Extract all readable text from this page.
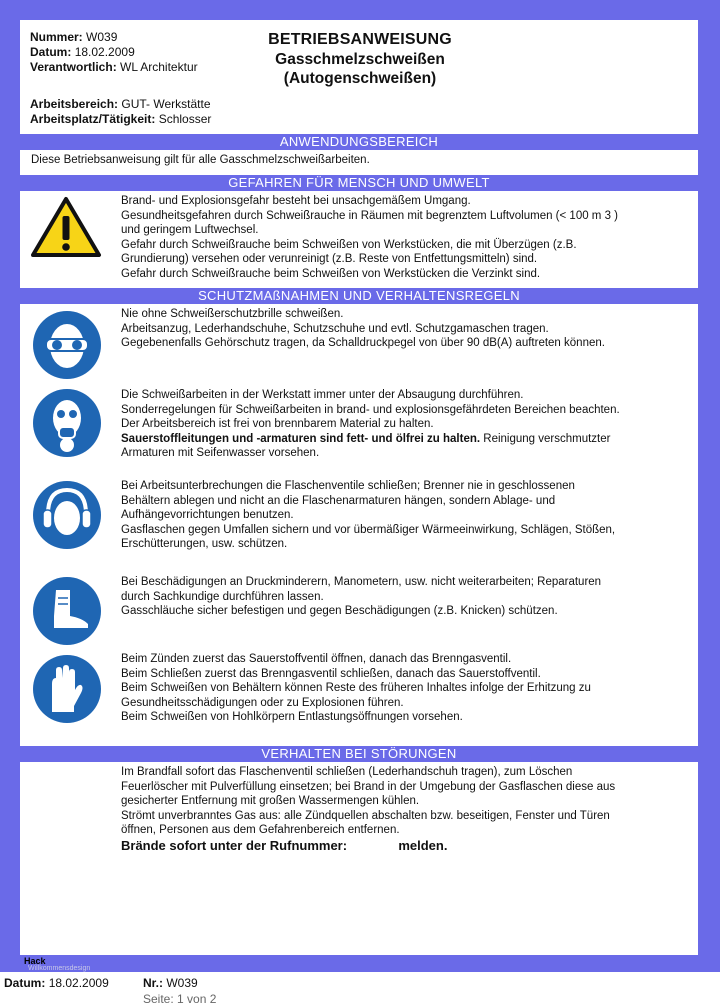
Nummer: W039
Datum: 18.02.2009
Verantwortlich: WL Architektur
Arbeitsbereich: GUT- Werkstätte
Arbeitsplatz/Tätigkeit: Schlosser
BETRIEBSANWEISUNG
Gasschmelzschweißen
(Autogenschweißen)
ANWENDUNGSBEREICH
Diese Betriebsanweisung gilt für alle Gasschmelzschweißarbeiten.
GEFAHREN FÜR MENSCH UND UMWELT
Brand- und Explosionsgefahr besteht bei unsachgemäßem Umgang.
Gesundheitsgefahren durch Schweißrauche in Räumen mit begrenztem Luftvolumen (< 100 m 3 )
und geringem Luftwechsel.
Gefahr durch Schweißrauche beim Schweißen von Werkstücken, die mit Überzügen (z.B.
Grundierung) versehen oder verunreinigt (z.B. Reste von Entfettungsmitteln) sind.
Gefahr durch Schweißrauche beim Schweißen von Werkstücken die Verzinkt sind.
SCHUTZMAßNAHMEN UND VERHALTENSREGELN
Nie ohne Schweißerschutzbrille schweißen.
Arbeitsanzug, Lederhandschuhe, Schutzschuhe und evtl. Schutzgamaschen tragen.
Gegebenenfalls Gehörschutz tragen, da Schalldruckpegel von über 90 dB(A) auftreten können.
Die Schweißarbeiten in der Werkstatt immer unter der Absaugung durchführen.
Sonderregelungen für Schweißarbeiten in brand- und explosionsgefährdeten Bereichen beachten.
Der Arbeitsbereich ist frei von brennbarem Material zu halten.
Sauerstoffleitungen und -armaturen sind fett- und ölfrei zu halten. Reinigung verschmutzter
Armaturen mit Seifenwasser vorsehen.
Bei Arbeitsunterbrechungen die Flaschenventile schließen; Brenner nie in geschlossenen
Behältern ablegen und nicht an die Flaschenarmaturen hängen, sondern Ablage- und
Aufhängevorrichtungen benutzen.
Gasflaschen gegen Umfallen sichern und vor übermäßiger Wärmeeinwirkung, Schlägen, Stößen,
Erschütterungen, usw. schützen.
Bei Beschädigungen an Druckminderern, Manometern, usw. nicht weiterarbeiten; Reparaturen
durch Sachkundige durchführen lassen.
Gasschläuche sicher befestigen und gegen Beschädigungen (z.B. Knicken) schützen.
Beim Zünden zuerst das Sauerstoffventil öffnen, danach das Brenngasventil.
Beim Schließen zuerst das Brenngasventil schließen, danach das Sauerstoffventil.
Beim Schweißen von Behältern können Reste des früheren Inhaltes infolge der Erhitzung zu
Gesundheitsschädigungen oder zu Explosionen führen.
Beim Schweißen von Hohlkörpern Entlastungsöffnungen vorsehen.
VERHALTEN BEI STÖRUNGEN
Im Brandfall sofort das Flaschenventil schließen (Lederhandschuh tragen), zum Löschen
Feuerlöscher mit Pulverfüllung einsetzen; bei Brand in der Umgebung der Gasflaschen diese aus
gesicherter Entfernung mit großen Wassermengen kühlen.
Strömt unverbranntes Gas aus: alle Zündquellen abschalten bzw. beseitigen, Fenster und Türen
öffnen, Personen aus dem Gefahrenbereich entfernen.
Brände sofort unter der Rufnummer:	melden.
Hack
Willkommensdesign
Datum: 18.02.2009	Nr.: W039
Seite: 1 von 2
